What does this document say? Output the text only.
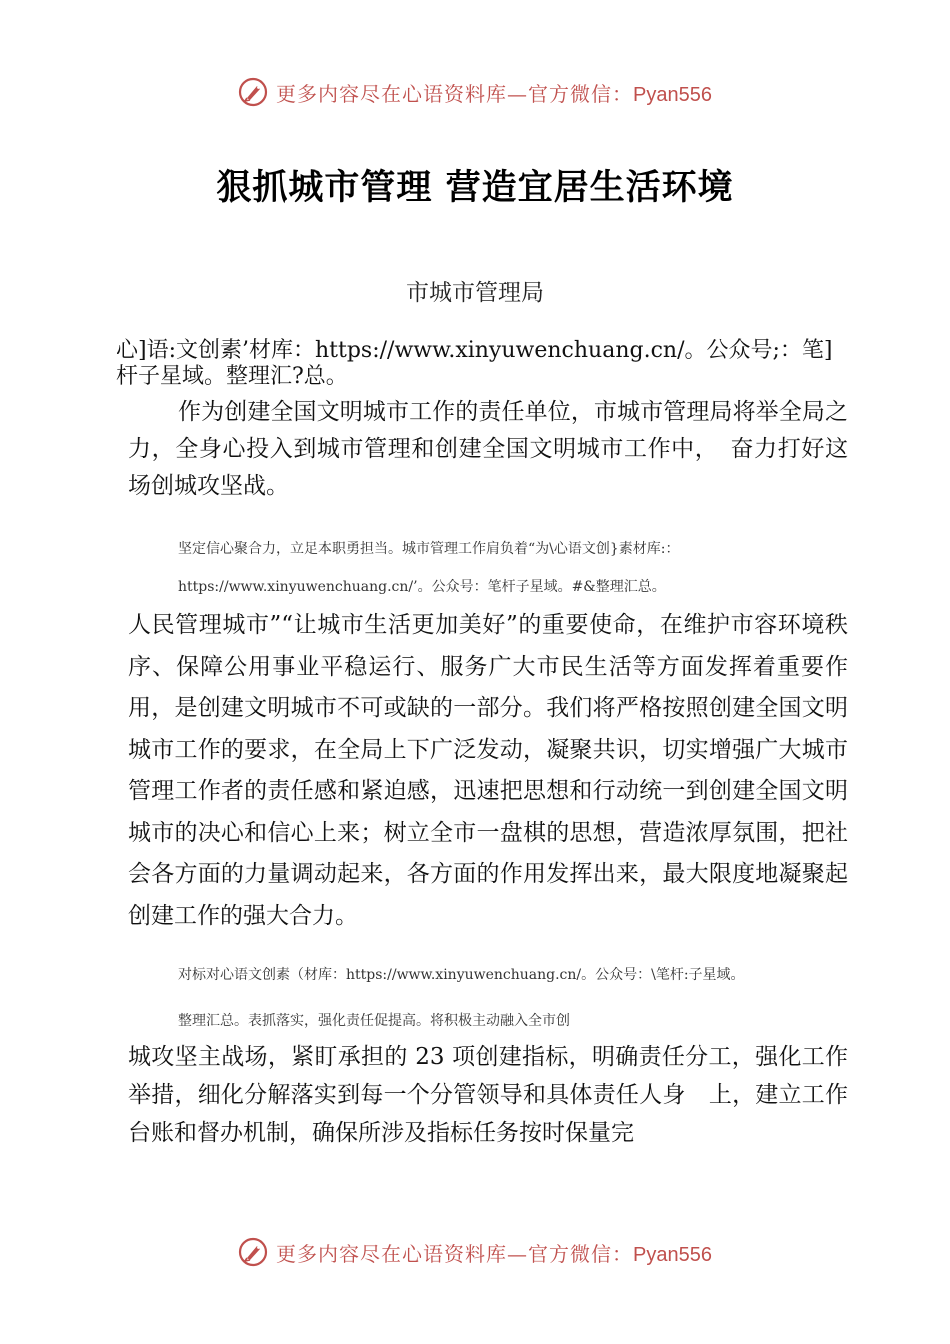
更多内容尽在心语资料库—官方微信：Pyan556
狠抓城市管理 营造宜居生活环境

市城市管理局

心]语:文创素’材库：https://www.xinyuwenchuang.cn/。公众号;：笔]杆子星域。整理汇?总。

作为创建全国文明城市工作的责任单位，市城市管理局将举全局之力，全身心投入到城市管理和创建全国文明城市工作中，　奋力打好这场创城攻坚战。

坚定信心聚合力，立足本职勇担当。城市管理工作肩负着“为\心语文创}素材库:：

https://www.xinyuwenchuang.cn/’。公众号：笔杆子星域。#&整理汇总。

人民管理城市”“让城市生活更加美好”的重要使命，在维护市容环境秩序、保障公用事业平稳运行、服务广大市民生活等方面发挥着重要作用，是创建文明城市不可或缺的一部分。我们将严格按照创建全国文明城市工作的要求，在全局上下广泛发动，凝聚共识，切实增强广大城市管理工作者的责任感和紧迫感，迅速把思想和行动统一到创建全国文明城市的决心和信心上来；树立全市一盘棋的思想，营造浓厚氛围，把社会各方面的力量调动起来，各方面的作用发挥出来，最大限度地凝聚起创建工作的强大合力。

对标对心语文创素（材库：https://www.xinyuwenchuang.cn/。公众号：\笔杆:子星域。

整理汇总。表抓落实，强化责任促提高。将积极主动融入全市创

城攻坚主战场，紧盯承担的 23 项创建指标，明确责任分工，强化工作举措，细化分解落实到每一个分管领导和具体责任人身　上，建立工作台账和督办机制，确保所涉及指标任务按时保量完

更多内容尽在心语资料库—官方微信：Pyan556
